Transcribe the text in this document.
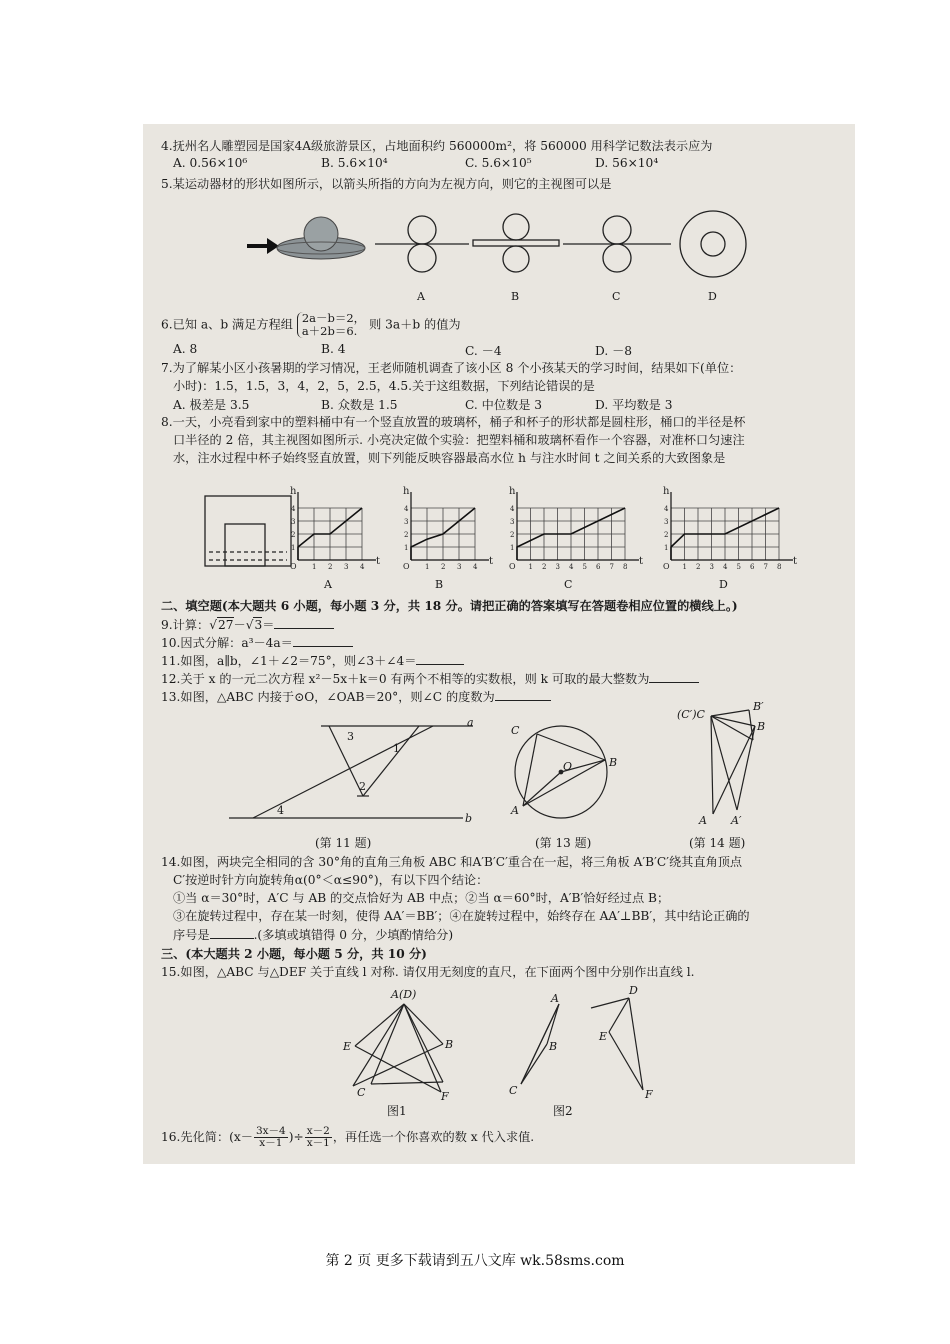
4.抚州名人雕塑园是国家4A级旅游景区，占地面积约 560000m²，将 560000 用科学记数法表示应为
A. 0.56×10⁶	B. 5.6×10⁴	C. 5.6×10⁵	D. 56×10⁴
5.某运动器材的形状如图所示，以箭头所指的方向为左视方向，则它的主视图可以是
A	B	C	D
6.已知 a、b 满足方程组 2a－b＝2，
a＋2b＝6. 则 3a＋b 的值为
A. 8	B. 4	C. －4	D. －8
7.为了解某小区小孩暑期的学习情况，王老师随机调查了该小区 8 个小孩某天的学习时间，结果如下(单位：
小时)：1.5，1.5，3，4，2，5，2.5，4.5.关于这组数据，下列结论错误的是
A. 极差是 3.5	B. 众数是 1.5	C. 中位数是 3	D. 平均数是 3
8.一天，小亮看到家中的塑料桶中有一个竖直放置的玻璃杯，桶子和杯子的形状都是圆柱形，桶口的半径是杯
口半径的 2 倍，其主视图如图所示. 小亮决定做个实验：把塑料桶和玻璃杯看作一个容器，对准杯口匀速注
水，注水过程中杯子始终竖直放置，则下列能反映容器最高水位 h 与注水时间 t 之间关系的大致图象是
h
t
O
1
2
3
4
1 2 3 4
h
t
O
1
2
3
4
1 2 3 4
h
t
O
1
2
3
4
1 2 3 4 5 6 7 8
h
t
O
1
2
3
4
1 2 3 4 5 6 7 8
A	B	C	D
二、填空题(本大题共 6 小题，每小题 3 分，共 18 分。请把正确的答案填写在答题卷相应位置的横线上。)
9.计算：√27－√3＝
10.因式分解：a³－4a＝
11.如图，a∥b，∠1＋∠2＝75°，则∠3＋∠4＝
12.关于 x 的一元二次方程 x²－5x＋k＝0 有两个不相等的实数根，则 k 可取的最大整数为
13.如图，△ABC 内接于⊙O，∠OAB＝20°，则∠C 的度数为
a
b
1
2
3
4
(第 11 题)
C
B
A
O
(第 13 题)
(C′)C
B′
B
A A′
(第 14 题)
14.如图，两块完全相同的含 30°角的直角三角板 ABC 和A′B′C′重合在一起，将三角板 A′B′C′绕其直角顶点
C′按逆时针方向旋转角α(0°＜α≤90°)，有以下四个结论：
①当 α＝30°时，A′C 与 AB 的交点恰好为 AB 中点；②当 α＝60°时，A′B′恰好经过点 B；
③在旋转过程中，存在某一时刻，使得 AA′＝BB′；④在旋转过程中，始终存在 AA′⊥BB′，其中结论正确的
序号是	.(多填或填错得 0 分，少填酌情给分)
三、(本大题共 2 小题，每小题 5 分，共 10 分)
15.如图，△ABC 与△DEF 关于直线 l 对称. 请仅用无刻度的直尺，在下面两个图中分别作出直线 l.
A(D)
E	B
C	F
图1
A
D
B
E
C	F
图2
16.先化简：($x- \frac{3x-4}{x-1}$ )÷ $\frac{x-2}{x-1}$ ，再任选一个你喜欢的数 x 代入求值.
第 2 页 更多下载请到五八文库 wk.58sms.com
